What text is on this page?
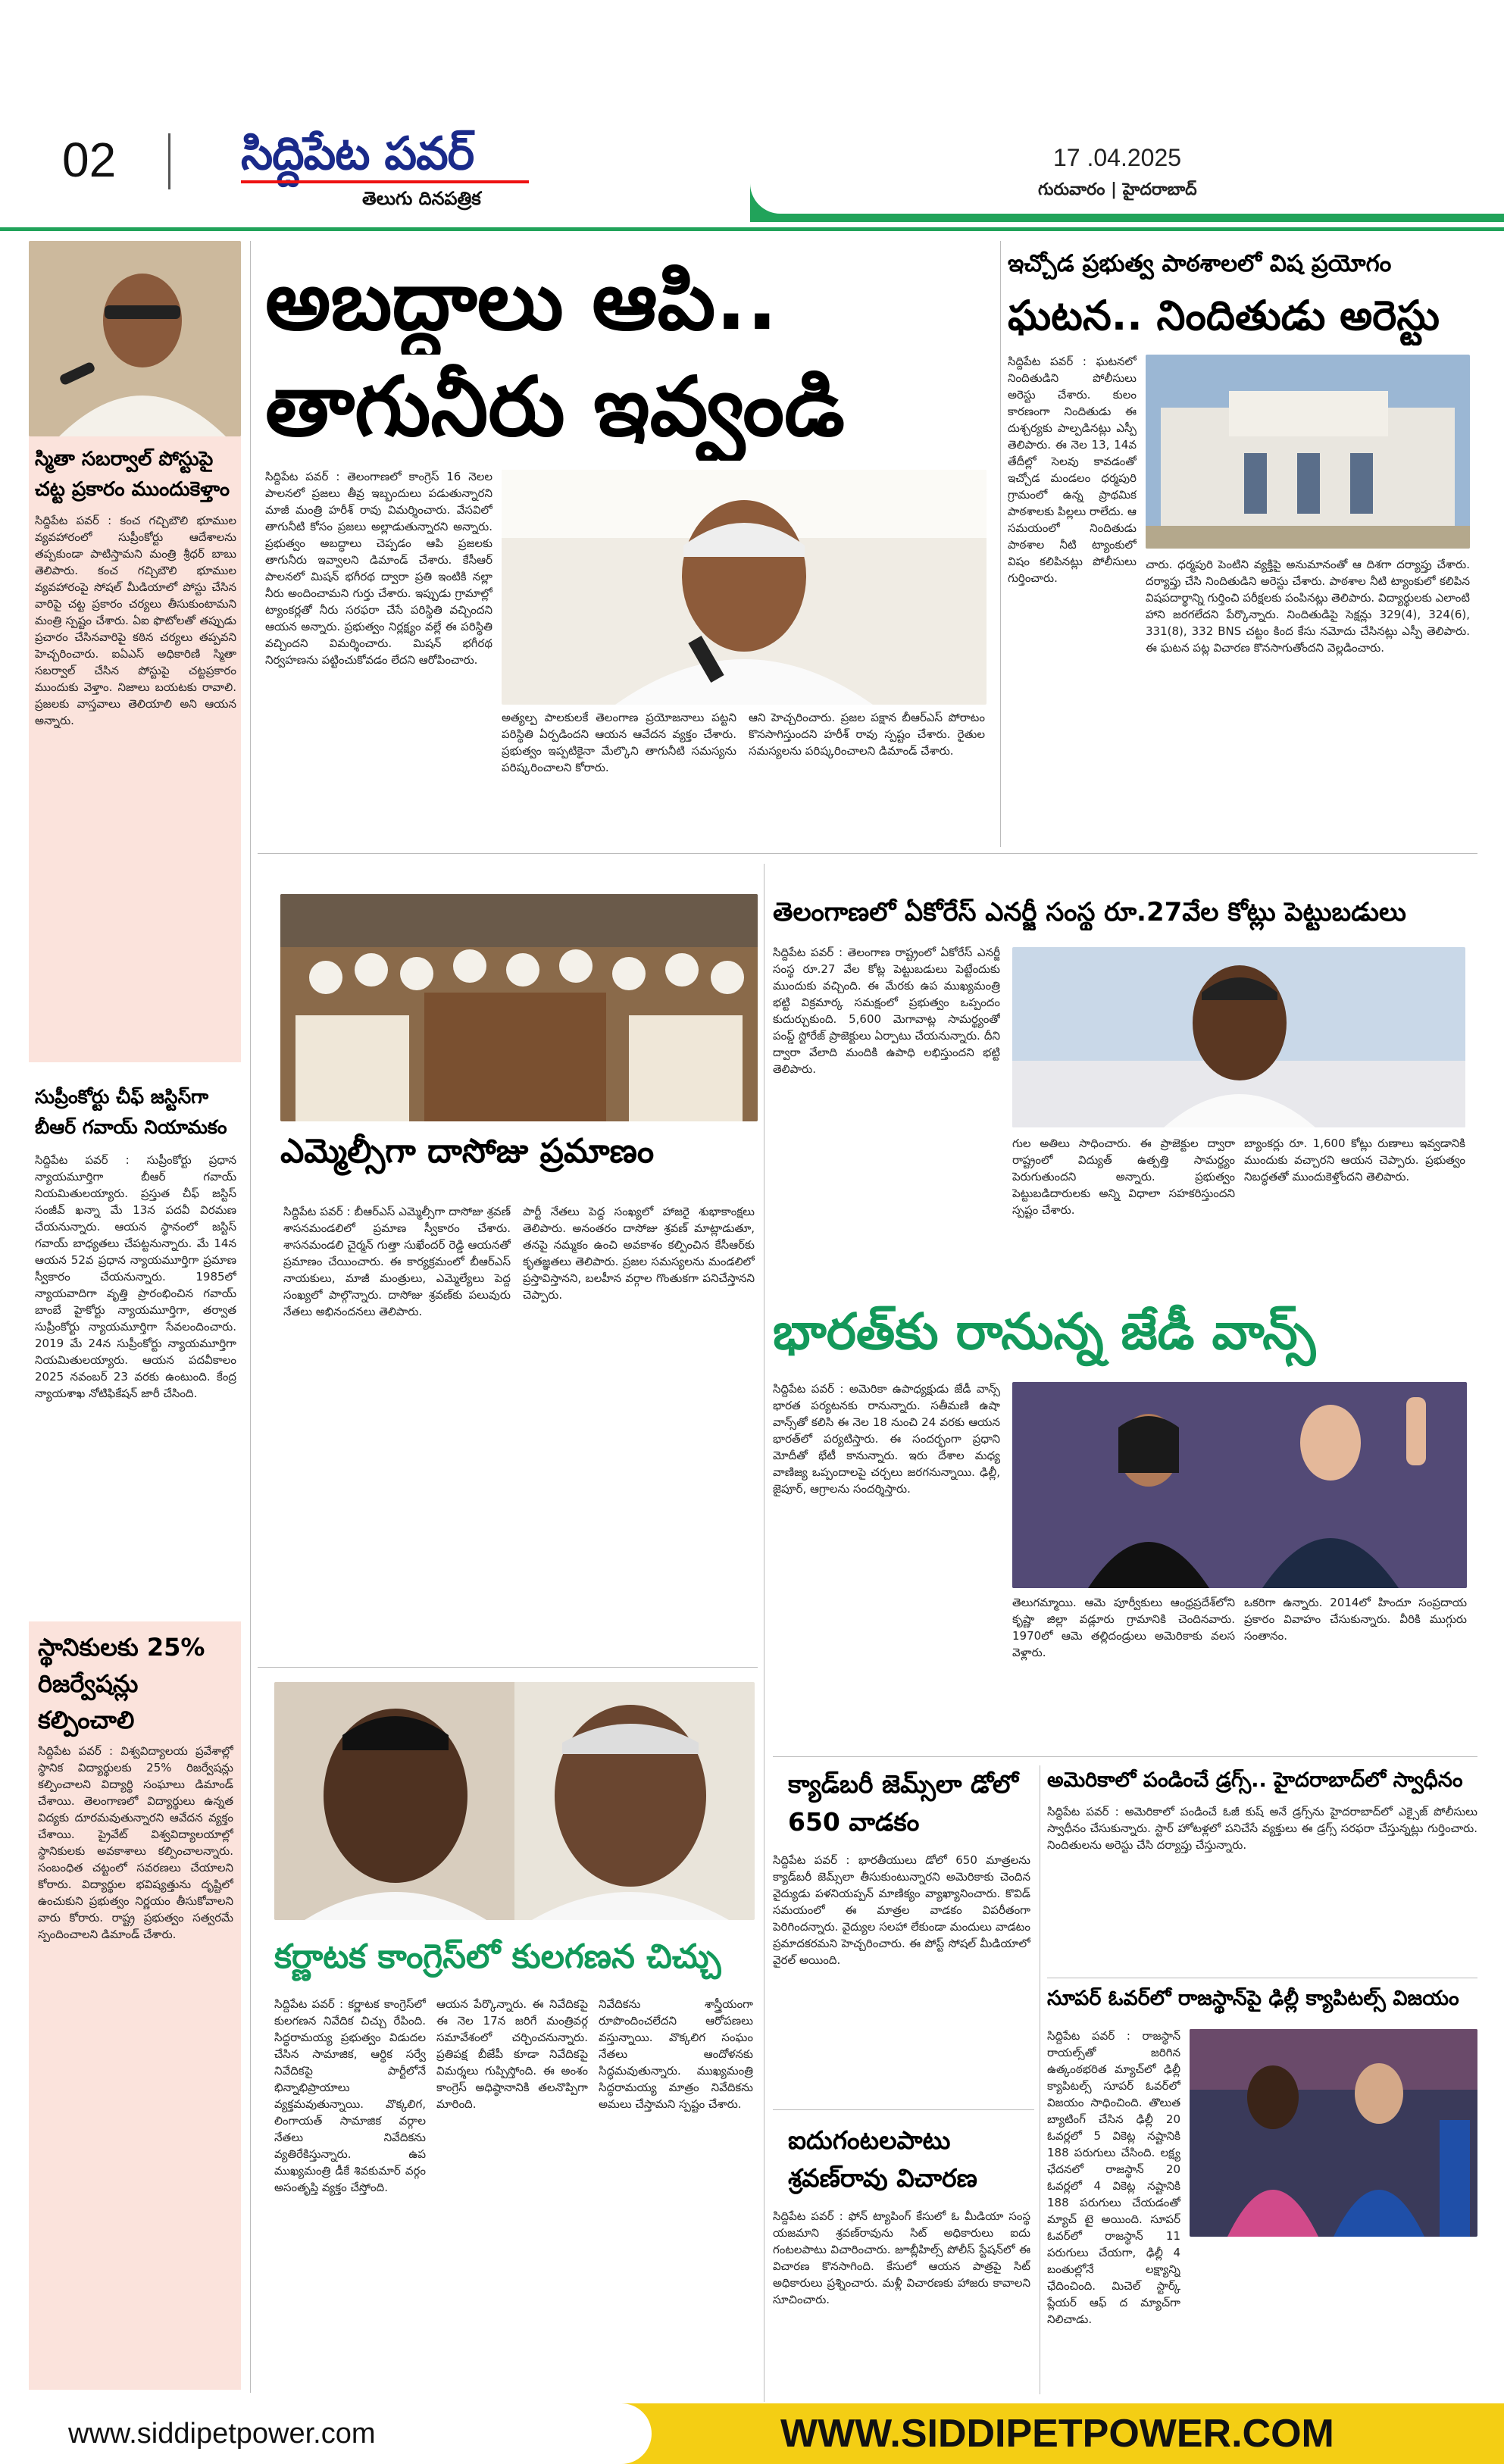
02	సిద్దిపేట పవర్
తెలుగు దినపత్రిక
17 .04.2025
గురువారం | హైదరాబాద్
స్మితా సబర్వాల్ పోస్టుపై చట్ట ప్రకారం ముందుకెళ్తాం
సిద్దిపేట పవర్ : కంచ గచ్చిబౌలి భూముల వ్యవహారంలో సుప్రీంకోర్టు ఆదేశాలను తప్పకుండా పాటిస్తామని మంత్రి శ్రీధర్ బాబు తెలిపారు. కంచ గచ్చిబౌలి భూముల వ్యవహారంపై సోషల్ మీడియాలో పోస్టు చేసిన వారిపై చట్ట ప్రకారం చర్యలు తీసుకుంటామని మంత్రి స్పష్టం చేశారు. ఏఐ ఫొటోలతో తప్పుడు ప్రచారం చేసినవారిపై కఠిన చర్యలు తప్పవని హెచ్చరించారు. ఐఏఎస్ అధికారిణి స్మితా సబర్వాల్ చేసిన పోస్టుపై చట్టప్రకారం ముందుకు వెళ్తాం. నిజాలు బయటకు రావాలి. ప్రజలకు వాస్తవాలు తెలియాలి అని ఆయన అన్నారు.
సుప్రీంకోర్టు చీఫ్ జస్టిస్‌గా బీఆర్ గవాయ్ నియామకం
సిద్దిపేట పవర్ : సుప్రీంకోర్టు ప్రధాన న్యాయమూర్తిగా బీఆర్ గవాయ్ నియమితులయ్యారు. ప్రస్తుత చీఫ్ జస్టిస్ సంజీవ్ ఖన్నా మే 13న పదవీ విరమణ చేయనున్నారు. ఆయన స్థానంలో జస్టిస్ గవాయ్ బాధ్యతలు చేపట్టనున్నారు. మే 14న ఆయన 52వ ప్రధాన న్యాయమూర్తిగా ప్రమాణ స్వీకారం చేయనున్నారు. 1985లో న్యాయవాదిగా వృత్తి ప్రారంభించిన గవాయ్ బాంబే హైకోర్టు న్యాయమూర్తిగా, తర్వాత సుప్రీంకోర్టు న్యాయమూర్తిగా సేవలందించారు. 2019 మే 24న సుప్రీంకోర్టు న్యాయమూర్తిగా నియమితులయ్యారు. ఆయన పదవీకాలం 2025 నవంబర్ 23 వరకు ఉంటుంది. కేంద్ర న్యాయశాఖ నోటిఫికేషన్ జారీ చేసింది.
స్థానికులకు 25% రిజర్వేషన్లు కల్పించాలి
సిద్దిపేట పవర్ : విశ్వవిద్యాలయ ప్రవేశాల్లో స్థానిక విద్యార్థులకు 25% రిజర్వేషన్లు కల్పించాలని విద్యార్థి సంఘాలు డిమాండ్ చేశాయి. తెలంగాణలో విద్యార్థులు ఉన్నత విద్యకు దూరమవుతున్నారని ఆవేదన వ్యక్తం చేశాయి. ప్రైవేట్ విశ్వవిద్యాలయాల్లో స్థానికులకు అవకాశాలు కల్పించాలన్నారు. సంబంధిత చట్టంలో సవరణలు చేయాలని కోరారు. విద్యార్థుల భవిష్యత్తును దృష్టిలో ఉంచుకుని ప్రభుత్వం నిర్ణయం తీసుకోవాలని వారు కోరారు. రాష్ట్ర ప్రభుత్వం సత్వరమే స్పందించాలని డిమాండ్ చేశారు.
అబద్ధాలు ఆపి..
తాగునీరు ఇవ్వండి
సిద్దిపేట పవర్ : తెలంగాణలో కాంగ్రెస్ 16 నెలల పాలనలో ప్రజలు తీవ్ర ఇబ్బందులు పడుతున్నారని మాజీ మంత్రి హరీశ్ రావు విమర్శించారు. వేసవిలో తాగునీటి కోసం ప్రజలు అల్లాడుతున్నారని అన్నారు. ప్రభుత్వం అబద్ధాలు చెప్పడం ఆపి ప్రజలకు తాగునీరు ఇవ్వాలని డిమాండ్ చేశారు. కేసీఆర్ పాలనలో మిషన్ భగీరథ ద్వారా ప్రతి ఇంటికి నల్లా నీరు అందించామని గుర్తు చేశారు. ఇప్పుడు గ్రామాల్లో ట్యాంకర్లతో నీరు సరఫరా చేసే పరిస్థితి వచ్చిందని ఆయన అన్నారు. ప్రభుత్వం నిర్లక్ష్యం వల్లే ఈ పరిస్థితి వచ్చిందని విమర్శించారు. మిషన్ భగీరథ నిర్వహణను పట్టించుకోవడం లేదని ఆరోపించారు.
అత్యల్ప పాలకులకే తెలంగాణ ప్రయోజనాలు పట్టని పరిస్థితి ఏర్పడిందని ఆయన ఆవేదన వ్యక్తం చేశారు. ప్రభుత్వం ఇప్పటికైనా మేల్కొని తాగునీటి సమస్యను పరిష్కరించాలని కోరారు.
ఆని హెచ్చరించారు. ప్రజల పక్షాన బీఆర్ఎస్ పోరాటం కొనసాగిస్తుందని హరీశ్ రావు స్పష్టం చేశారు. రైతుల సమస్యలను పరిష్కరించాలని డిమాండ్ చేశారు.
ఇచ్చోడ ప్రభుత్వ పాఠశాలలో విష ప్రయోగం
ఘటన.. నిందితుడు అరెస్టు
సిద్దిపేట పవర్ : ఘటనలో నిందితుడిని పోలీసులు అరెస్టు చేశారు. కులం కారణంగా నిందితుడు ఈ దుశ్చర్యకు పాల్పడినట్లు ఎస్పీ తెలిపారు. ఈ నెల 13, 14వ తేదీల్లో సెలవు కావడంతో ఇచ్చోడ మండలం ధర్మపురి గ్రామంలో ఉన్న ప్రాథమిక పాఠశాలకు పిల్లలు రాలేదు. ఆ సమయంలో నిందితుడు పాఠశాల నీటి ట్యాంకులో విషం కలిపినట్లు పోలీసులు గుర్తించారు.
చారు. ధర్మపురి పెంటిని వ్యక్తిపై అనుమానంతో ఆ దిశగా దర్యాప్తు చేశారు. దర్యాప్తు చేసి నిందితుడిని అరెస్టు చేశారు. పాఠశాల నీటి ట్యాంకులో కలిపిన విషపదార్థాన్ని గుర్తించి పరీక్షలకు పంపినట్లు తెలిపారు. విద్యార్థులకు ఎలాంటి హాని జరగలేదని పేర్కొన్నారు. నిందితుడిపై సెక్షన్లు 329(4), 324(6), 331(8), 332 BNS చట్టం కింద కేసు నమోదు చేసినట్లు ఎస్పీ తెలిపారు. ఈ ఘటన పట్ల విచారణ కొనసాగుతోందని వెల్లడించారు.
ఎమ్మెల్సీగా దాసోజు ప్రమాణం
సిద్దిపేట పవర్ : బీఆర్ఎస్ ఎమ్మెల్సీగా దాసోజు శ్రవణ్ శాసనమండలిలో ప్రమాణ స్వీకారం చేశారు. శాసనమండలి చైర్మన్ గుత్తా సుఖేందర్ రెడ్డి ఆయనతో ప్రమాణం చేయించారు. ఈ కార్యక్రమంలో బీఆర్ఎస్ నాయకులు, మాజీ మంత్రులు, ఎమ్మెల్యేలు పెద్ద సంఖ్యలో పాల్గొన్నారు. దాసోజు శ్రవణ్‌కు పలువురు నేతలు అభినందనలు తెలిపారు.
పార్టీ నేతలు పెద్ద సంఖ్యలో హాజరై శుభాకాంక్షలు తెలిపారు. అనంతరం దాసోజు శ్రవణ్ మాట్లాడుతూ, తనపై నమ్మకం ఉంచి అవకాశం కల్పించిన కేసీఆర్‌కు కృతజ్ఞతలు తెలిపారు. ప్రజల సమస్యలను మండలిలో ప్రస్తావిస్తానని, బలహీన వర్గాల గొంతుకగా పనిచేస్తానని చెప్పారు.
తెలంగాణలో ఏకోరేస్ ఎనర్జీ సంస్థ రూ.27వేల కోట్లు పెట్టుబడులు
సిద్దిపేట పవర్ : తెలంగాణ రాష్ట్రంలో ఏకోరేస్ ఎనర్జీ సంస్థ రూ.27 వేల కోట్ల పెట్టుబడులు పెట్టేందుకు ముందుకు వచ్చింది. ఈ మేరకు ఉప ముఖ్యమంత్రి భట్టి విక్రమార్క సమక్షంలో ప్రభుత్వం ఒప్పందం కుదుర్చుకుంది. 5,600 మెగావాట్ల సామర్థ్యంతో పంప్డ్ స్టోరేజ్ ప్రాజెక్టులు ఏర్పాటు చేయనున్నారు. దీని ద్వారా వేలాది మందికి ఉపాధి లభిస్తుందని భట్టి తెలిపారు.
గుల అతిలు సాధించారు. ఈ ప్రాజెక్టుల ద్వారా రాష్ట్రంలో విద్యుత్ ఉత్పత్తి సామర్థ్యం పెరుగుతుందని అన్నారు. ప్రభుత్వం పెట్టుబడిదారులకు అన్ని విధాలా సహకరిస్తుందని స్పష్టం చేశారు.
బ్యాంకర్లు రూ. 1,600 కోట్లు రుణాలు ఇవ్వడానికి ముందుకు వచ్చారని ఆయన చెప్పారు. ప్రభుత్వం నిబద్ధతతో ముందుకెళ్తోందని తెలిపారు.
భారత్‌కు రానున్న జేడీ వాన్స్
సిద్దిపేట పవర్ : అమెరికా ఉపాధ్యక్షుడు జేడీ వాన్స్ భారత పర్యటనకు రానున్నారు. సతీమణి ఉషా వాన్స్‌తో కలిసి ఈ నెల 18 నుంచి 24 వరకు ఆయన భారత్‌లో పర్యటిస్తారు. ఈ సందర్భంగా ప్రధాని మోదీతో భేటీ కానున్నారు. ఇరు దేశాల మధ్య వాణిజ్య ఒప్పందాలపై చర్చలు జరగనున్నాయి. ఢిల్లీ, జైపూర్, ఆగ్రాలను సందర్శిస్తారు.
తెలుగమ్మాయి. ఆమె పూర్వీకులు ఆంధ్రప్రదేశ్‌లోని కృష్ణా జిల్లా వడ్లూరు గ్రామానికి చెందినవారు. 1970లో ఆమె తల్లిదండ్రులు అమెరికాకు వలస వెళ్లారు.
ఒకరిగా ఉన్నారు. 2014లో హిందూ సంప్రదాయ ప్రకారం వివాహం చేసుకున్నారు. వీరికి ముగ్గురు సంతానం.
కర్ణాటక కాంగ్రెస్‌లో కులగణన చిచ్చు
సిద్దిపేట పవర్ : కర్ణాటక కాంగ్రెస్‌లో కులగణన నివేదిక చిచ్చు రేపింది. సిద్ధరామయ్య ప్రభుత్వం విడుదల చేసిన సామాజిక, ఆర్థిక సర్వే నివేదికపై పార్టీలోనే భిన్నాభిప్రాయాలు వ్యక్తమవుతున్నాయి. వొక్కలిగ, లింగాయత్ సామాజిక వర్గాల నేతలు నివేదికను వ్యతిరేకిస్తున్నారు. ఉప ముఖ్యమంత్రి డీకే శివకుమార్ వర్గం అసంతృప్తి వ్యక్తం చేస్తోంది.
ఆయన పేర్కొన్నారు. ఈ నివేదికపై ఈ నెల 17న జరిగే మంత్రివర్గ సమావేశంలో చర్చించనున్నారు. ప్రతిపక్ష బీజేపీ కూడా నివేదికపై విమర్శలు గుప్పిస్తోంది. ఈ అంశం కాంగ్రెస్ అధిష్ఠానానికి తలనొప్పిగా మారింది.
నివేదికను శాస్త్రీయంగా రూపొందించలేదని ఆరోపణలు వస్తున్నాయి. వొక్కలిగ సంఘం నేతలు ఆందోళనకు సిద్ధమవుతున్నారు. ముఖ్యమంత్రి సిద్ధరామయ్య మాత్రం నివేదికను అమలు చేస్తామని స్పష్టం చేశారు.
క్యాడ్‌బరీ జెమ్స్‌లా డోలో 650 వాడకం
సిద్దిపేట పవర్ : భారతీయులు డోలో 650 మాత్రలను క్యాడ్‌బరీ జెమ్స్‌లా తీసుకుంటున్నారని అమెరికాకు చెందిన వైద్యుడు పళనియప్పన్ మాణిక్యం వ్యాఖ్యానించారు. కొవిడ్ సమయంలో ఈ మాత్రల వాడకం విపరీతంగా పెరిగిందన్నారు. వైద్యుల సలహా లేకుండా మందులు వాడటం ప్రమాదకరమని హెచ్చరించారు. ఈ పోస్ట్ సోషల్ మీడియాలో వైరల్ అయింది.
అమెరికాలో పండించే డ్రగ్స్.. హైదరాబాద్‌లో స్వాధీనం
సిద్దిపేట పవర్ : అమెరికాలో పండించే ఓజీ కుష్ అనే డ్రగ్స్‌ను హైదరాబాద్‌లో ఎక్సైజ్ పోలీసులు స్వాధీనం చేసుకున్నారు. స్టార్ హోటళ్లలో పనిచేసే వ్యక్తులు ఈ డ్రగ్స్ సరఫరా చేస్తున్నట్లు గుర్తించారు. నిందితులను అరెస్టు చేసి దర్యాప్తు చేస్తున్నారు.
సూపర్ ఓవర్‌లో రాజస్థాన్‌పై ఢిల్లీ క్యాపిటల్స్ విజయం
సిద్దిపేట పవర్ : రాజస్థాన్ రాయల్స్‌తో జరిగిన ఉత్కంఠభరిత మ్యాచ్‌లో ఢిల్లీ క్యాపిటల్స్ సూపర్ ఓవర్‌లో విజయం సాధించింది. తొలుత బ్యాటింగ్ చేసిన ఢిల్లీ 20 ఓవర్లలో 5 వికెట్ల నష్టానికి 188 పరుగులు చేసింది. లక్ష్య ఛేదనలో రాజస్థాన్ 20 ఓవర్లలో 4 వికెట్ల నష్టానికి 188 పరుగులు చేయడంతో మ్యాచ్ టై అయింది. సూపర్ ఓవర్‌లో రాజస్థాన్ 11 పరుగులు చేయగా, ఢిల్లీ 4 బంతుల్లోనే లక్ష్యాన్ని ఛేదించింది. మిచెల్ స్టార్క్ ప్లేయర్ ఆఫ్ ద మ్యాచ్‌గా నిలిచాడు.
ఐదుగంటలపాటు శ్రవణ్‌రావు విచారణ
సిద్దిపేట పవర్ : ఫోన్ ట్యాపింగ్ కేసులో ఓ మీడియా సంస్థ యజమాని శ్రవణ్‌రావును సిట్ అధికారులు ఐదు గంటలపాటు విచారించారు. జూబ్లీహిల్స్ పోలీస్ స్టేషన్‌లో ఈ విచారణ కొనసాగింది. కేసులో ఆయన పాత్రపై సిట్ అధికారులు ప్రశ్నించారు. మళ్లీ విచారణకు హాజరు కావాలని సూచించారు.
www.siddipetpower.com	WWW.SIDDIPETPOWER.COM
